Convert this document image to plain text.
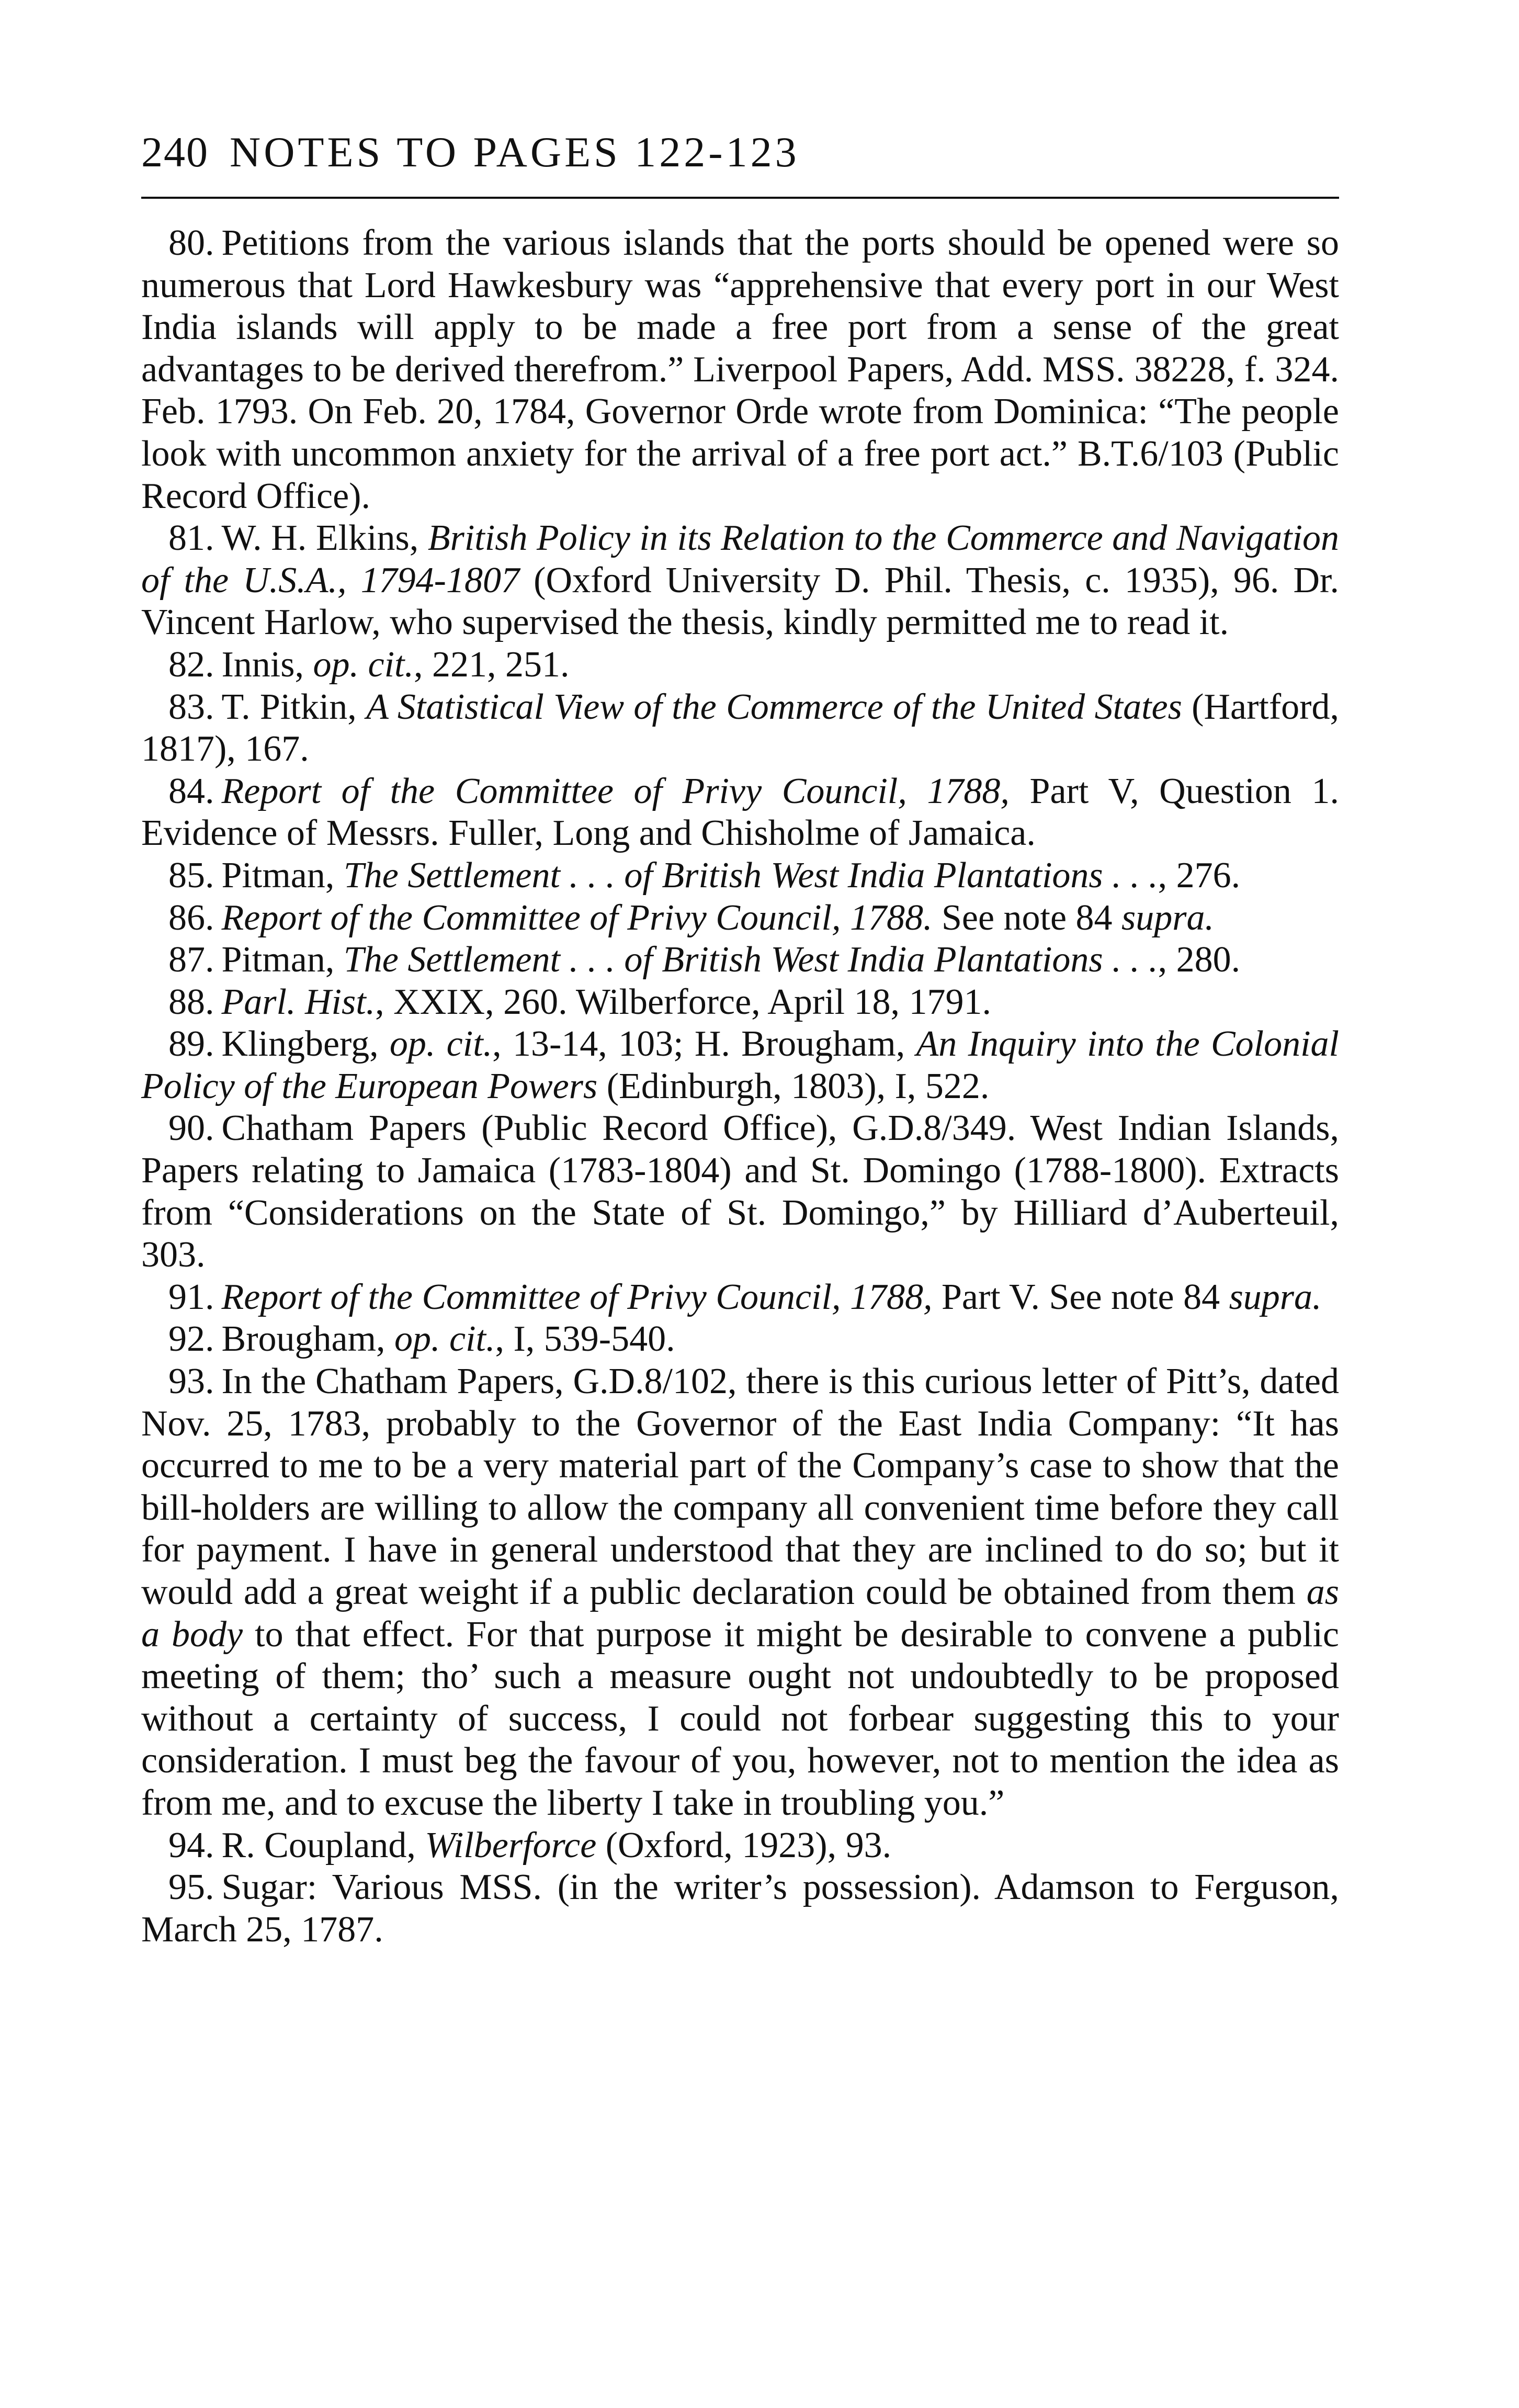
240 NOTES TO PAGES 122-123

80. Petitions from the various islands that the ports should be opened were so numerous that Lord Hawkesbury was “apprehensive that every port in our West India islands will apply to be made a free port from a sense of the great advantages to be derived therefrom.” Liverpool Papers, Add. MSS. 38228, f. 324. Feb. 1793. On Feb. 20, 1784, Governor Orde wrote from Dominica: “The people look with uncommon anxiety for the arrival of a free port act.” B.T.6/103 (Public Record Office).

81. W. H. Elkins, British Policy in its Relation to the Commerce and Navigation of the U.S.A., 1794-1807 (Oxford University D. Phil. Thesis, c. 1935), 96. Dr. Vincent Harlow, who supervised the thesis, kindly permitted me to read it.

82. Innis, op. cit., 221, 251.

83. T. Pitkin, A Statistical View of the Commerce of the United States (Hartford, 1817), 167.

84. Report of the Committee of Privy Council, 1788, Part V, Question 1. Evidence of Messrs. Fuller, Long and Chisholme of Jamaica.

85. Pitman, The Settlement . . . of British West India Plantations . . ., 276.

86. Report of the Committee of Privy Council, 1788. See note 84 supra.

87. Pitman, The Settlement . . . of British West India Plantations . . ., 280.

88. Parl. Hist., XXIX, 260. Wilberforce, April 18, 1791.

89. Klingberg, op. cit., 13-14, 103; H. Brougham, An Inquiry into the Colonial Policy of the European Powers (Edinburgh, 1803), I, 522.

90. Chatham Papers (Public Record Office), G.D.8/349. West Indian Islands, Papers relating to Jamaica (1783-1804) and St. Domingo (1788-1800). Extracts from “Considerations on the State of St. Domingo,” by Hilliard d’Auberteuil, 303.

91. Report of the Committee of Privy Council, 1788, Part V. See note 84 supra.

92. Brougham, op. cit., I, 539-540.

93. In the Chatham Papers, G.D.8/102, there is this curious letter of Pitt’s, dated Nov. 25, 1783, probably to the Governor of the East India Company: “It has occurred to me to be a very material part of the Company’s case to show that the bill-holders are willing to allow the company all convenient time before they call for payment. I have in general understood that they are inclined to do so; but it would add a great weight if a public declaration could be obtained from them as a body to that effect. For that purpose it might be desirable to convene a public meeting of them; tho’ such a measure ought not undoubtedly to be proposed without a certainty of success, I could not forbear suggesting this to your consideration. I must beg the favour of you, however, not to mention the idea as from me, and to excuse the liberty I take in troubling you.”

94. R. Coupland, Wilberforce (Oxford, 1923), 93.

95. Sugar: Various MSS. (in the writer’s possession). Adamson to Ferguson, March 25, 1787.
